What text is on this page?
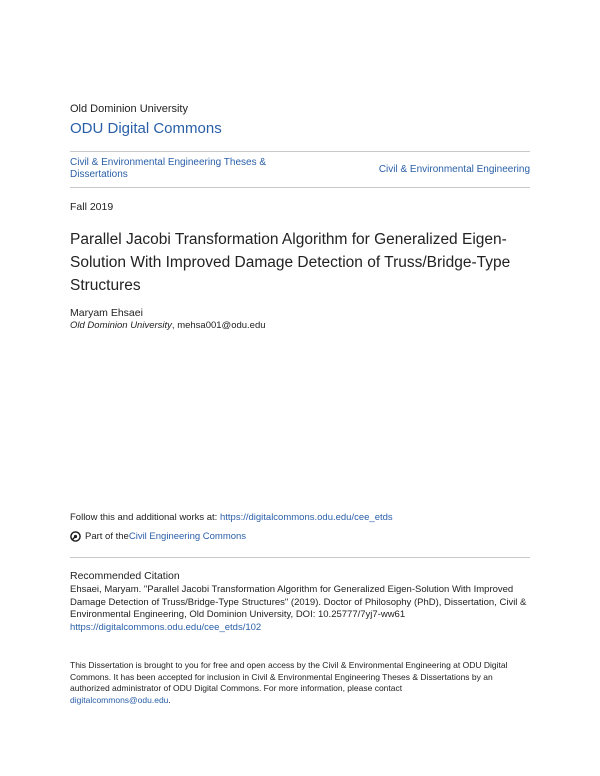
Old Dominion University
ODU Digital Commons
Civil & Environmental Engineering Theses & Dissertations	Civil & Environmental Engineering
Fall 2019
Parallel Jacobi Transformation Algorithm for Generalized Eigen-Solution With Improved Damage Detection of Truss/Bridge-Type Structures
Maryam Ehsaei
Old Dominion University, mehsa001@odu.edu
Follow this and additional works at: https://digitalcommons.odu.edu/cee_etds
Part of the Civil Engineering Commons
Recommended Citation
Ehsaei, Maryam. "Parallel Jacobi Transformation Algorithm for Generalized Eigen-Solution With Improved Damage Detection of Truss/Bridge-Type Structures" (2019). Doctor of Philosophy (PhD), Dissertation, Civil & Environmental Engineering, Old Dominion University, DOI: 10.25777/7yj7-ww61
https://digitalcommons.odu.edu/cee_etds/102
This Dissertation is brought to you for free and open access by the Civil & Environmental Engineering at ODU Digital Commons. It has been accepted for inclusion in Civil & Environmental Engineering Theses & Dissertations by an authorized administrator of ODU Digital Commons. For more information, please contact
digitalcommons@odu.edu.
